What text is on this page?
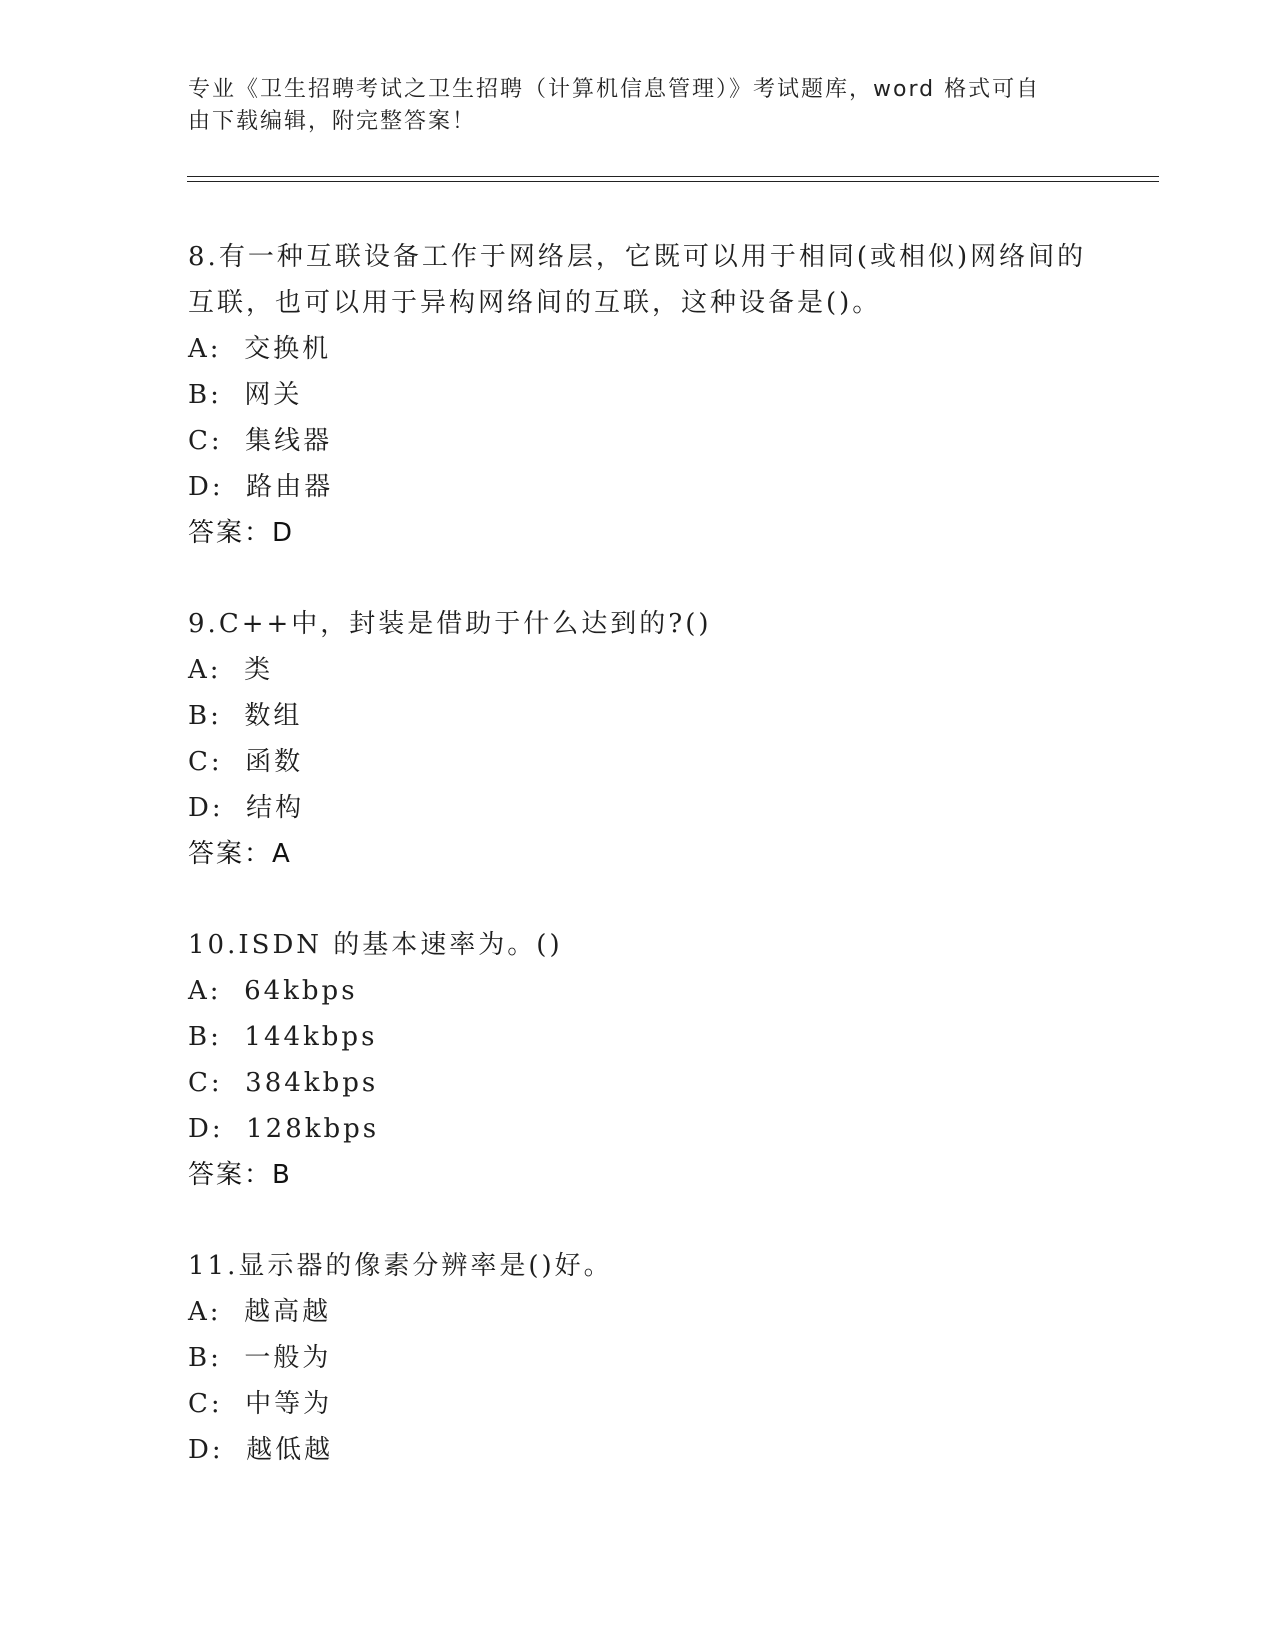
专业《卫生招聘考试之卫生招聘（计算机信息管理）》考试题库，word 格式可自
由下载编辑，附完整答案！

8.有一种互联设备工作于网络层，它既可以用于相同(或相似)网络间的互联，也可以用于异构网络间的互联，这种设备是()。

A:  交换机
B:  网关
C:  集线器
D:  路由器
答案：D

9.C++中，封装是借助于什么达到的?()

A:  类
B:  数组
C:  函数
D:  结构
答案：A

10.ISDN 的基本速率为。()

A:  64kbps
B:  144kbps
C:  384kbps
D:  128kbps
答案：B

11.显示器的像素分辨率是()好。

A:  越高越
B:  一般为
C:  中等为
D:  越低越
